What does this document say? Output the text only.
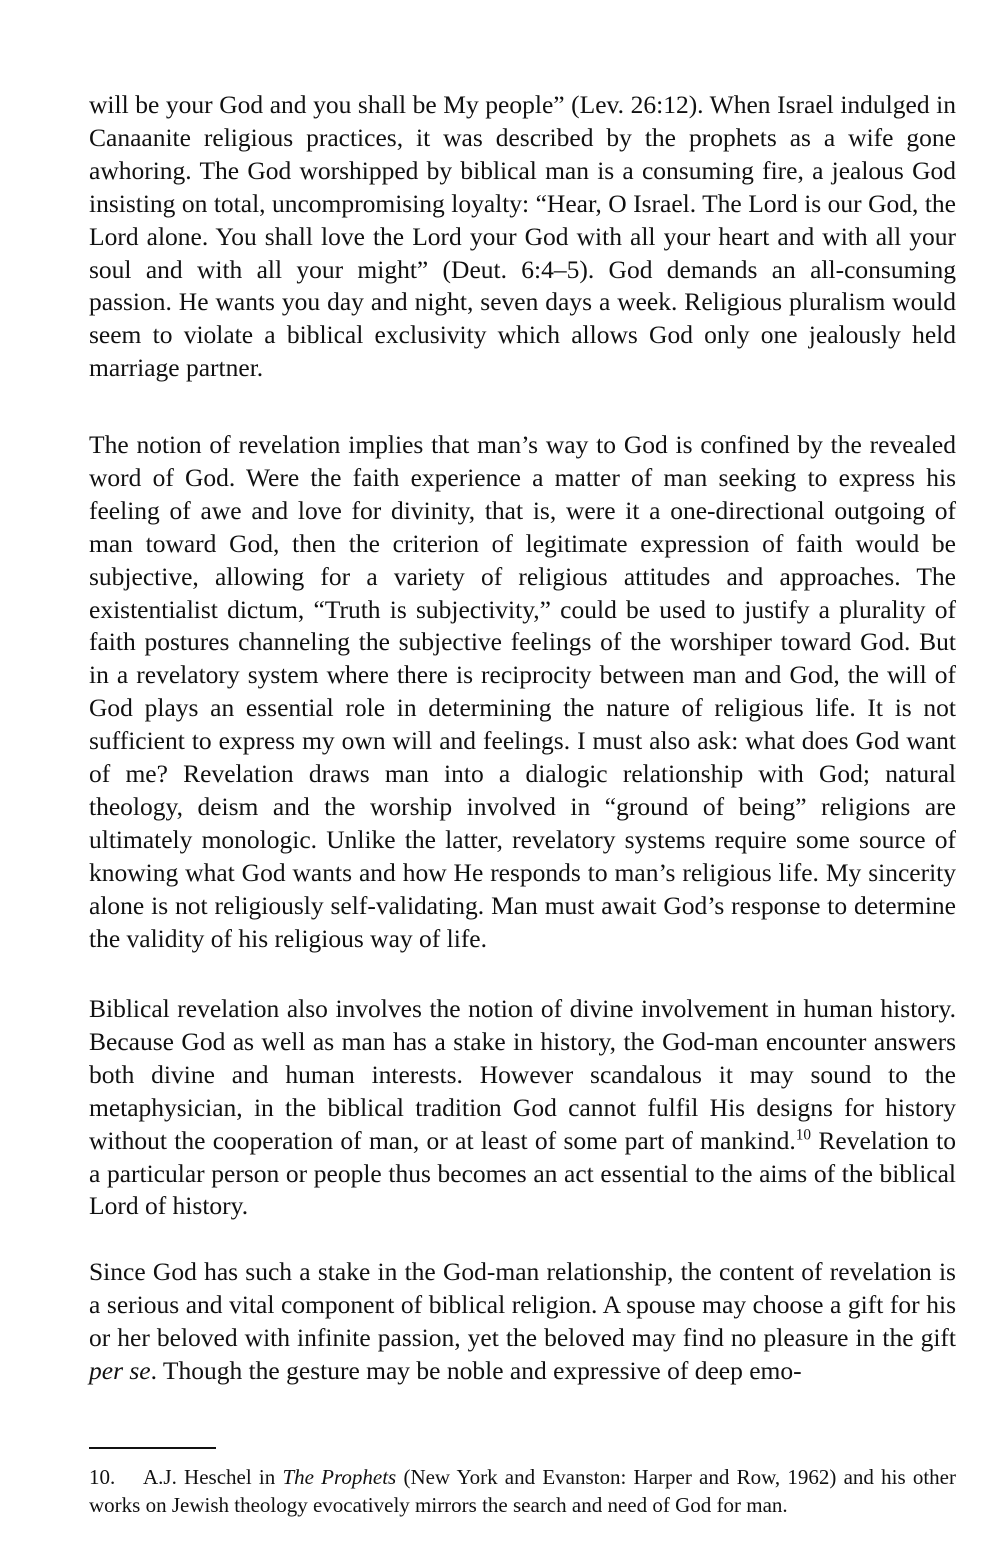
will be your God and you shall be My people” (Lev. 26:12). When Israel indulged in Canaanite religious practices, it was described by the prophets as a wife gone awhoring. The God worshipped by biblical man is a consuming fire, a jealous God insisting on total, uncompromising loyalty: “Hear, O Israel. The Lord is our God, the Lord alone. You shall love the Lord your God with all your heart and with all your soul and with all your might” (Deut. 6:4–5). God demands an all-consuming passion. He wants you day and night, seven days a week. Religious pluralism would seem to violate a biblical exclusivity which allows God only one jealously held marriage partner.

The notion of revelation implies that man’s way to God is confined by the revealed word of God. Were the faith experience a matter of man seeking to express his feeling of awe and love for divinity, that is, were it a one-directional outgoing of man toward God, then the criterion of legitimate expression of faith would be subjective, allowing for a variety of religious attitudes and approaches. The existentialist dictum, “Truth is subjectivity,” could be used to justify a plurality of faith postures channeling the subjective feelings of the worshiper toward God. But in a revelatory system where there is reciprocity between man and God, the will of God plays an essential role in determining the nature of religious life. It is not sufficient to express my own will and feelings. I must also ask: what does God want of me? Revelation draws man into a dialogic relationship with God; natural theology, deism and the worship involved in “ground of being” religions are ultimately monologic. Unlike the latter, revelatory systems require some source of knowing what God wants and how He responds to man’s religious life. My sincerity alone is not religiously self-validating. Man must await God’s response to determine the validity of his religious way of life.

Biblical revelation also involves the notion of divine involvement in human history. Because God as well as man has a stake in history, the God-man encounter answers both divine and human interests. However scandalous it may sound to the metaphysician, in the biblical tradition God cannot fulfil His designs for history without the cooperation of man, or at least of some part of mankind.$^{10}$ Revelation to a particular person or people thus becomes an act essential to the aims of the biblical Lord of history.

Since God has such a stake in the God-man relationship, the content of revelation is a serious and vital component of biblical religion. A spouse may choose a gift for his or her beloved with infinite passion, yet the beloved may find no pleasure in the gift per se. Though the gesture may be noble and expressive of deep emo-

10. A.J. Heschel in The Prophets (New York and Evanston: Harper and Row, 1962) and his other works on Jewish theology evocatively mirrors the search and need of God for man.
